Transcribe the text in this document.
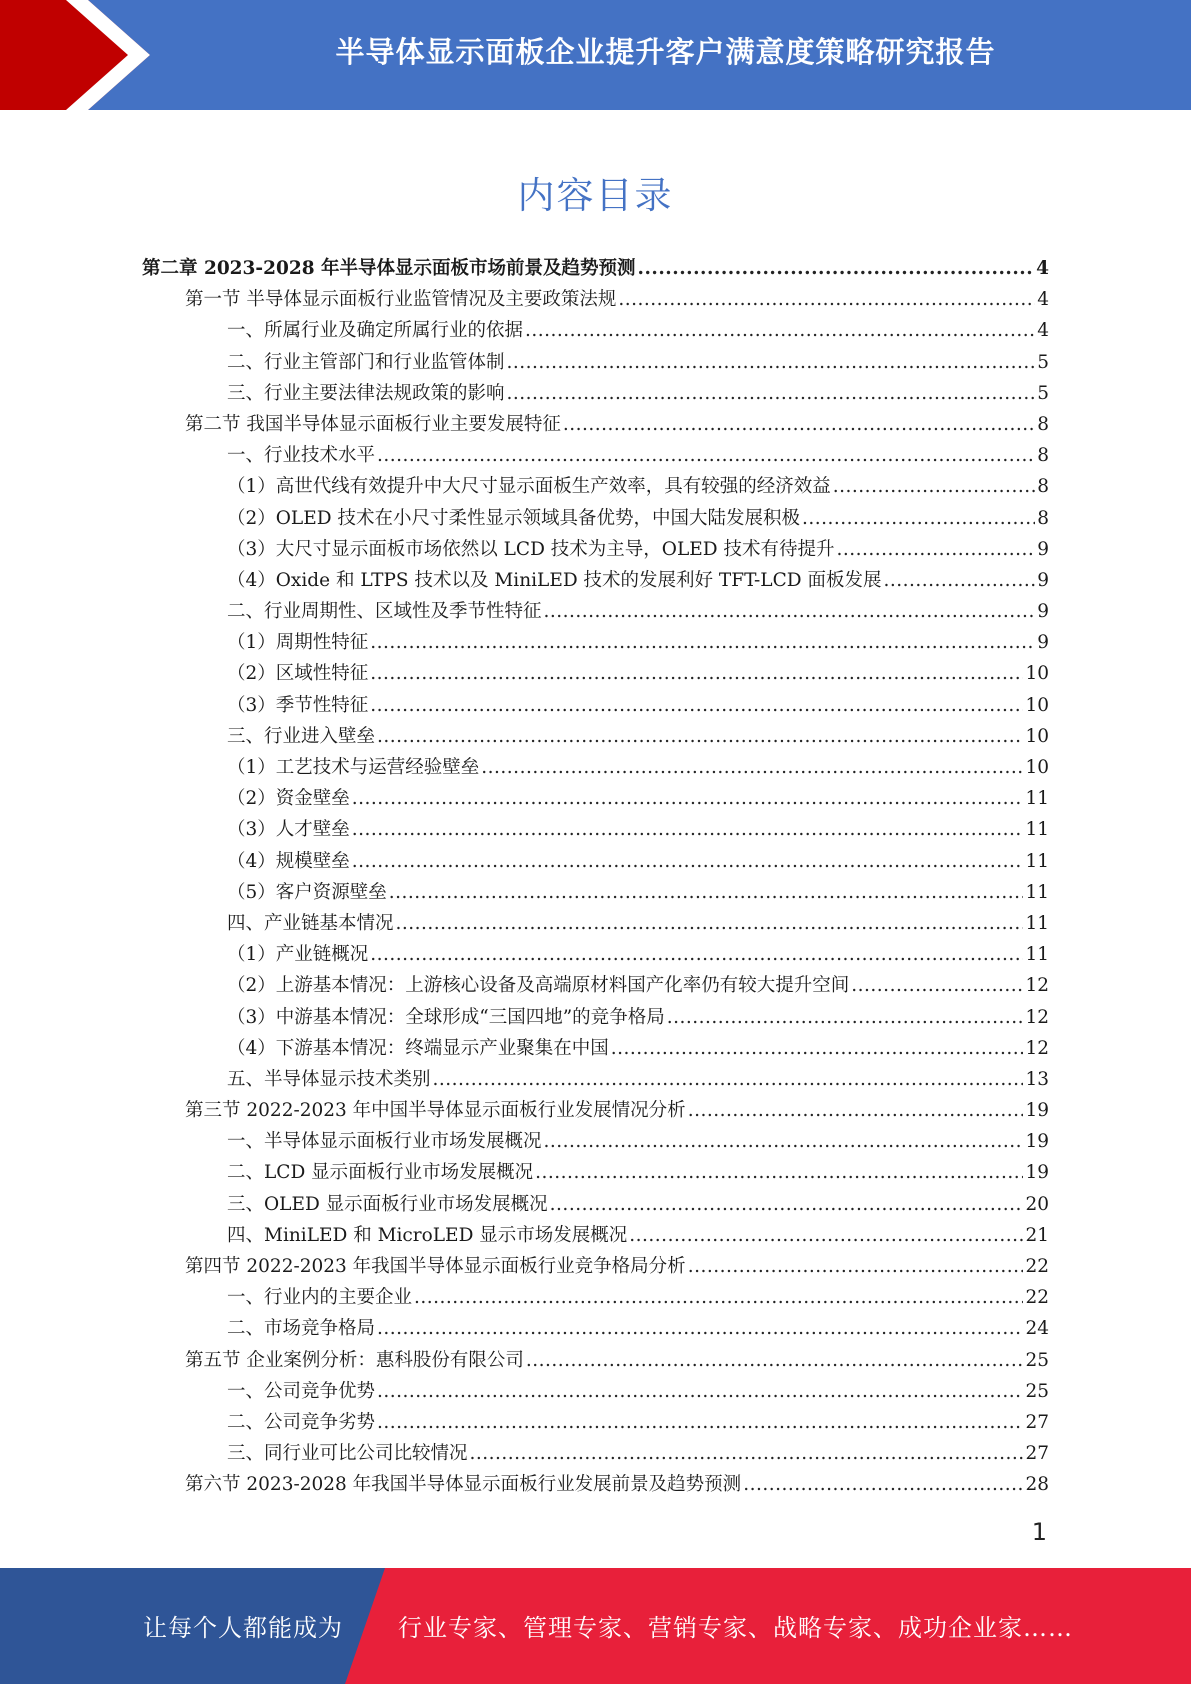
半导体显示面板企业提升客户满意度策略研究报告
内容目录
第二章 2023-2028 年半导体显示面板市场前景及趋势预测 .....	4
第一节 半导体显示面板行业监管情况及主要政策法规 .....	4
一、所属行业及确定所属行业的依据 .....	4
二、行业主管部门和行业监管体制 .....	5
三、行业主要法律法规政策的影响 .....	5
第二节 我国半导体显示面板行业主要发展特征 .....	8
一、行业技术水平 .....	8
（1）高世代线有效提升中大尺寸显示面板生产效率，具有较强的经济效益 .....	8
（2）OLED 技术在小尺寸柔性显示领域具备优势，中国大陆发展积极 .....	8
（3）大尺寸显示面板市场依然以 LCD 技术为主导，OLED 技术有待提升 .....	9
（4）Oxide 和 LTPS 技术以及 MiniLED 技术的发展利好 TFT-LCD 面板发展 .....	9
二、行业周期性、区域性及季节性特征 .....	9
（1）周期性特征 .....	9
（2）区域性特征 .....	10
（3）季节性特征 .....	10
三、行业进入壁垒 .....	10
（1）工艺技术与运营经验壁垒 .....	10
（2）资金壁垒 .....	11
（3）人才壁垒 .....	11
（4）规模壁垒 .....	11
（5）客户资源壁垒 .....	11
四、产业链基本情况 .....	11
（1）产业链概况 .....	11
（2）上游基本情况：上游核心设备及高端原材料国产化率仍有较大提升空间 .....	12
（3）中游基本情况：全球形成“三国四地”的竞争格局 .....	12
（4）下游基本情况：终端显示产业聚集在中国 .....	12
五、半导体显示技术类别 .....	13
第三节 2022-2023 年中国半导体显示面板行业发展情况分析 .....	19
一、半导体显示面板行业市场发展概况 .....	19
二、LCD 显示面板行业市场发展概况 .....	19
三、OLED 显示面板行业市场发展概况 .....	20
四、MiniLED 和 MicroLED 显示市场发展概况 .....	21
第四节 2022-2023 年我国半导体显示面板行业竞争格局分析 .....	22
一、行业内的主要企业 .....	22
二、市场竞争格局 .....	24
第五节 企业案例分析：惠科股份有限公司 .....	25
一、公司竞争优势 .....	25
二、公司竞争劣势 .....	27
三、同行业可比公司比较情况 .....	27
第六节 2023-2028 年我国半导体显示面板行业发展前景及趋势预测 .....	28
1
让每个人都能成为 行业专家、管理专家、营销专家、战略专家、成功企业家……
